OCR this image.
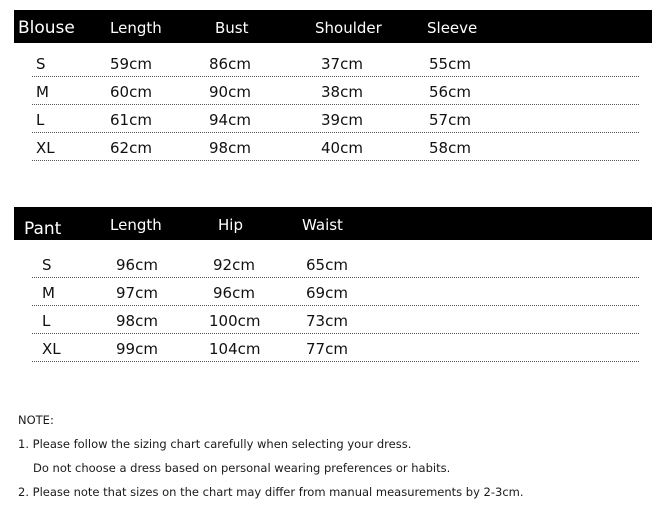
Blouse Length	Bust	Shoulder	Sleeve
S	59cm	86cm	37cm	55cm
M	60cm	90cm	38cm	56cm
L	61cm	94cm	39cm	57cm
XL	62cm	98cm	40cm	58cm
Pant	Length	Hip	Waist
S	96cm	92cm	65cm
M	97cm	96cm	69cm
L	98cm	100cm	73cm
XL	99cm	104cm	77cm
NOTE:
1. Please follow the sizing chart carefully when selecting your dress.
Do not choose a dress based on personal wearing preferences or habits.
2. Please note that sizes on the chart may differ from manual measurements by 2-3cm.
